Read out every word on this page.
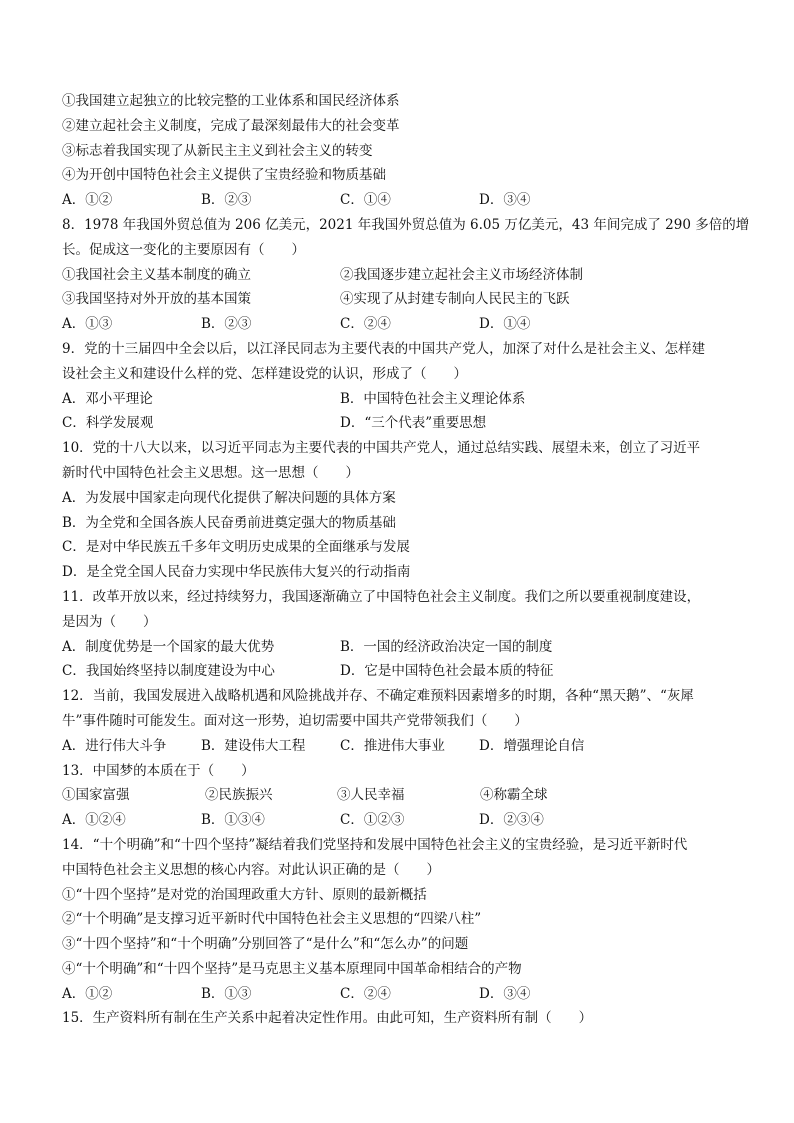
①我国建立起独立的比较完整的工业体系和国民经济体系
②建立起社会主义制度，完成了最深刻最伟大的社会变革
③标志着我国实现了从新民主主义到社会主义的转变
④为开创中国特色社会主义提供了宝贵经验和物质基础
A．①②	B．②③	C．①④	D．③④
8．1978 年我国外贸总值为 206 亿美元，2021 年我国外贸总值为 6.05 万亿美元，43 年间完成了 290 多倍的增
长。促成这一变化的主要原因有（　　）
①我国社会主义基本制度的确立	②我国逐步建立起社会主义市场经济体制
③我国坚持对外开放的基本国策	④实现了从封建专制向人民民主的飞跃
A．①③	B．②③	C．②④	D．①④
9．党的十三届四中全会以后，以江泽民同志为主要代表的中国共产党人，加深了对什么是社会主义、怎样建
设社会主义和建设什么样的党、怎样建设党的认识，形成了（　　）
A．邓小平理论	B．中国特色社会主义理论体系
C．科学发展观	D．“三个代表”重要思想
10．党的十八大以来，以习近平同志为主要代表的中国共产党人，通过总结实践、展望未来，创立了习近平
新时代中国特色社会主义思想。这一思想（　　）
A．为发展中国家走向现代化提供了解决问题的具体方案
B．为全党和全国各族人民奋勇前进奠定强大的物质基础
C．是对中华民族五千多年文明历史成果的全面继承与发展
D．是全党全国人民奋力实现中华民族伟大复兴的行动指南
11．改革开放以来，经过持续努力，我国逐渐确立了中国特色社会主义制度。我们之所以要重视制度建设，
是因为（　　）
A．制度优势是一个国家的最大优势	B．一国的经济政治决定一国的制度
C．我国始终坚持以制度建设为中心	D．它是中国特色社会最本质的特征
12．当前，我国发展进入战略机遇和风险挑战并存、不确定难预料因素增多的时期，各种“黑天鹅”、“灰犀
牛”事件随时可能发生。面对这一形势，迫切需要中国共产党带领我们（　　）
A．进行伟大斗争	B．建设伟大工程	C．推进伟大事业	D．增强理论自信
13．中国梦的本质在于（　　）
①国家富强	②民族振兴	③人民幸福	④称霸全球
A．①②④	B．①③④	C．①②③	D．②③④
14．“十个明确”和“十四个坚持”凝结着我们党坚持和发展中国特色社会主义的宝贵经验，是习近平新时代
中国特色社会主义思想的核心内容。对此认识正确的是（　　）
①“十四个坚持”是对党的治国理政重大方针、原则的最新概括
②“十个明确”是支撑习近平新时代中国特色社会主义思想的“四梁八柱”
③“十四个坚持”和“十个明确”分别回答了“是什么”和“怎么办”的问题
④“十个明确”和“十四个坚持”是马克思主义基本原理同中国革命相结合的产物
A．①②	B．①③	C．②④	D．③④
15．生产资料所有制在生产关系中起着决定性作用。由此可知，生产资料所有制（　　）
